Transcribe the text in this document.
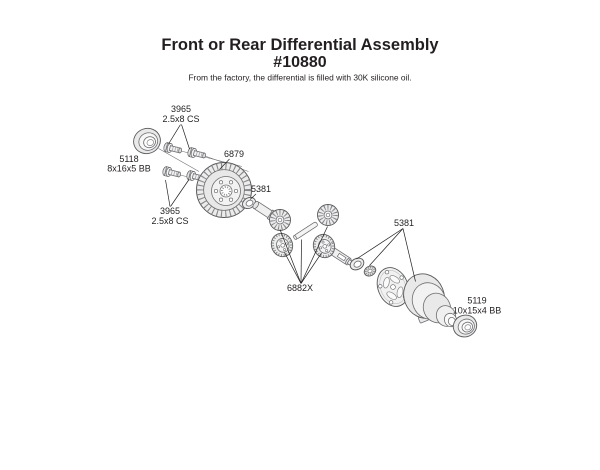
Front or Rear Differential Assembly
#10880
From the factory, the differential is filled with 30K silicone oil.
5118
8x16x5 BB
3965
2.5x8 CS
3965
2.5x8 CS
6879
5381
6882X
5381
5119
10x15x4 BB
